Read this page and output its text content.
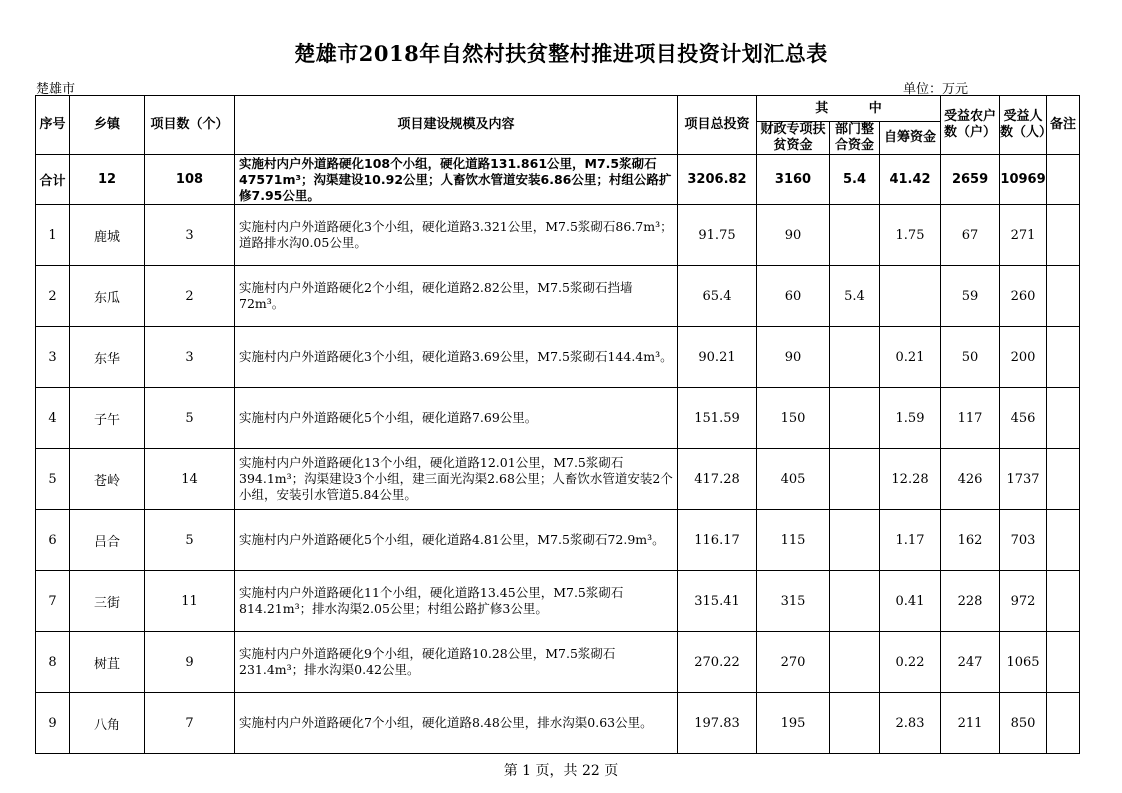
楚雄市2018年自然村扶贫整村推进项目投资计划汇总表
楚雄市	单位：万元
序号	乡镇	项目数（个）	项目建设规模及内容	项目总投资	其 中			受益农户数（户）	受益人数（人）	备注
					财政专项扶贫资金	部门整合资金	自筹资金			
合计	12	108	实施村内户外道路硬化108个小组，硬化道路131.861公里，M7.5浆砌石47571m³；沟渠建设10.92公里；人畜饮水管道安装6.86公里；村组公路扩修7.95公里。	3206.82	3160	5.4	41.42	2659	10969	
1	鹿城	3	实施村内户外道路硬化3个小组，硬化道路3.321公里，M7.5浆砌石86.7m³；道路排水沟0.05公里。	91.75	90		1.75	67	271	
2	东瓜	2	实施村内户外道路硬化2个小组，硬化道路2.82公里，M7.5浆砌石挡墙72m³。	65.4	60	5.4		59	260	
3	东华	3	实施村内户外道路硬化3个小组，硬化道路3.69公里，M7.5浆砌石144.4m³。	90.21	90		0.21	50	200	
4	子午	5	实施村内户外道路硬化5个小组，硬化道路7.69公里。	151.59	150		1.59	117	456	
5	苍岭	14	实施村内户外道路硬化13个小组，硬化道路12.01公里，M7.5浆砌石394.1m³；沟渠建设3个小组，建三面光沟渠2.68公里；人畜饮水管道安装2个小组，安装引水管道5.84公里。	417.28	405		12.28	426	1737	
6	吕合	5	实施村内户外道路硬化5个小组，硬化道路4.81公里，M7.5浆砌石72.9m³。	116.17	115		1.17	162	703	
7	三街	11	实施村内户外道路硬化11个小组，硬化道路13.45公里，M7.5浆砌石814.21m³；排水沟渠2.05公里；村组公路扩修3公里。	315.41	315		0.41	228	972	
8	树苴	9	实施村内户外道路硬化9个小组，硬化道路10.28公里，M7.5浆砌石231.4m³；排水沟渠0.42公里。	270.22	270		0.22	247	1065	
9	八角	7	实施村内户外道路硬化7个小组，硬化道路8.48公里，排水沟渠0.63公里。	197.83	195		2.83	211	850	
第 1 页，共 22 页
